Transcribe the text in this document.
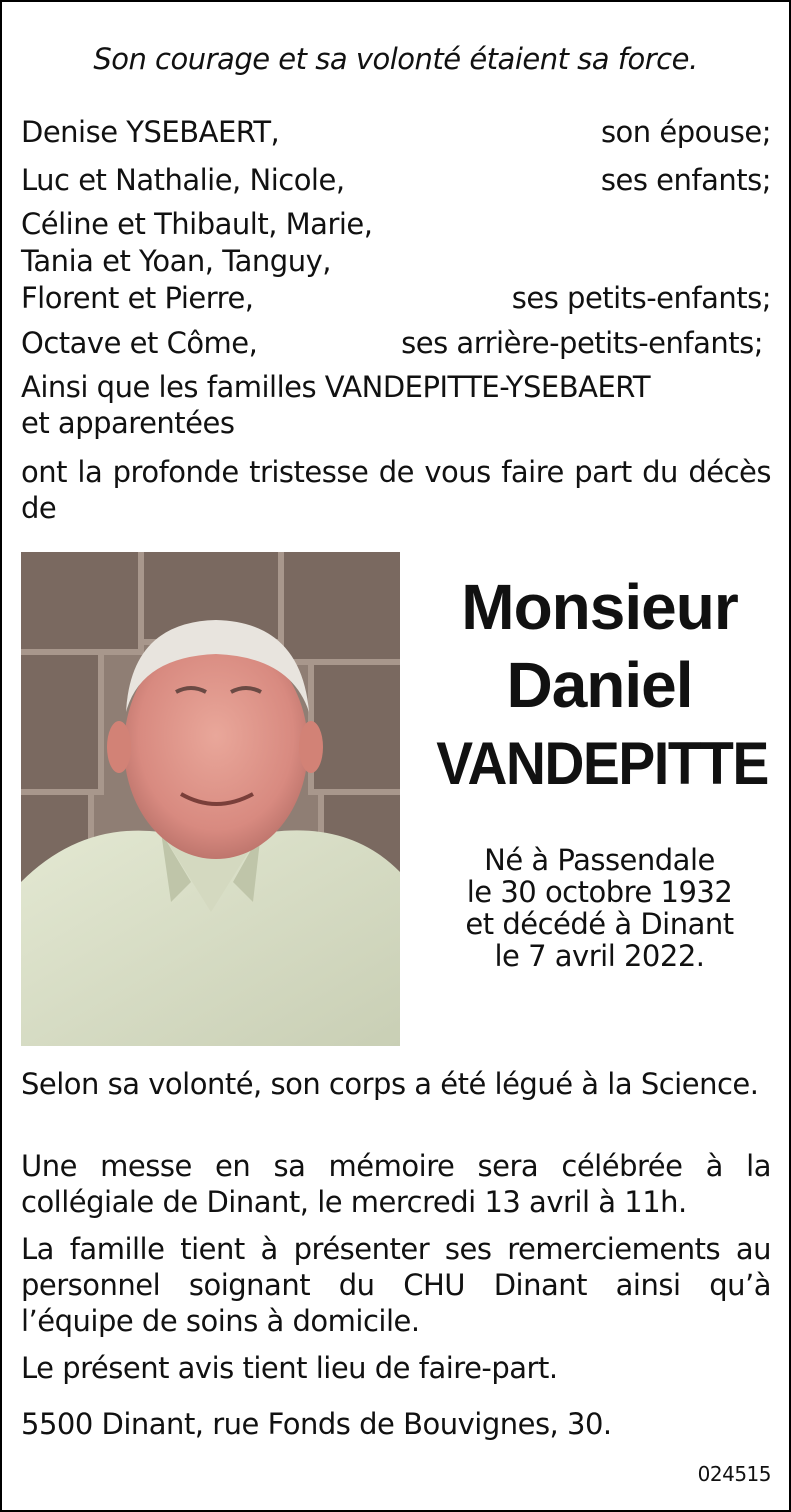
Son courage et sa volonté étaient sa force.
Denise YSEBAERT,	son épouse;
Luc et Nathalie, Nicole,	ses enfants;
Céline et Thibault, Marie,
Tania et Yoan, Tanguy,
Florent et Pierre,	ses petits-enfants;
Octave et Côme,	ses arrière-petits-enfants;
Ainsi que les familles VANDEPITTE-YSEBAERT
et apparentées
ont la profonde tristesse de vous faire part du décès de
Monsieur
Daniel
VANDEPITTE
Né à Passendale
le 30 octobre 1932
et décédé à Dinant
le 7 avril 2022.
Selon sa volonté, son corps a été légué à la Science.
Une messe en sa mémoire sera célébrée à la collégiale de Dinant, le mercredi 13 avril à 11h.
La famille tient à présenter ses remerciements au personnel soignant du CHU Dinant ainsi qu’à l’équipe de soins à domicile.
Le présent avis tient lieu de faire-part.
5500 Dinant, rue Fonds de Bouvignes, 30.
024515
